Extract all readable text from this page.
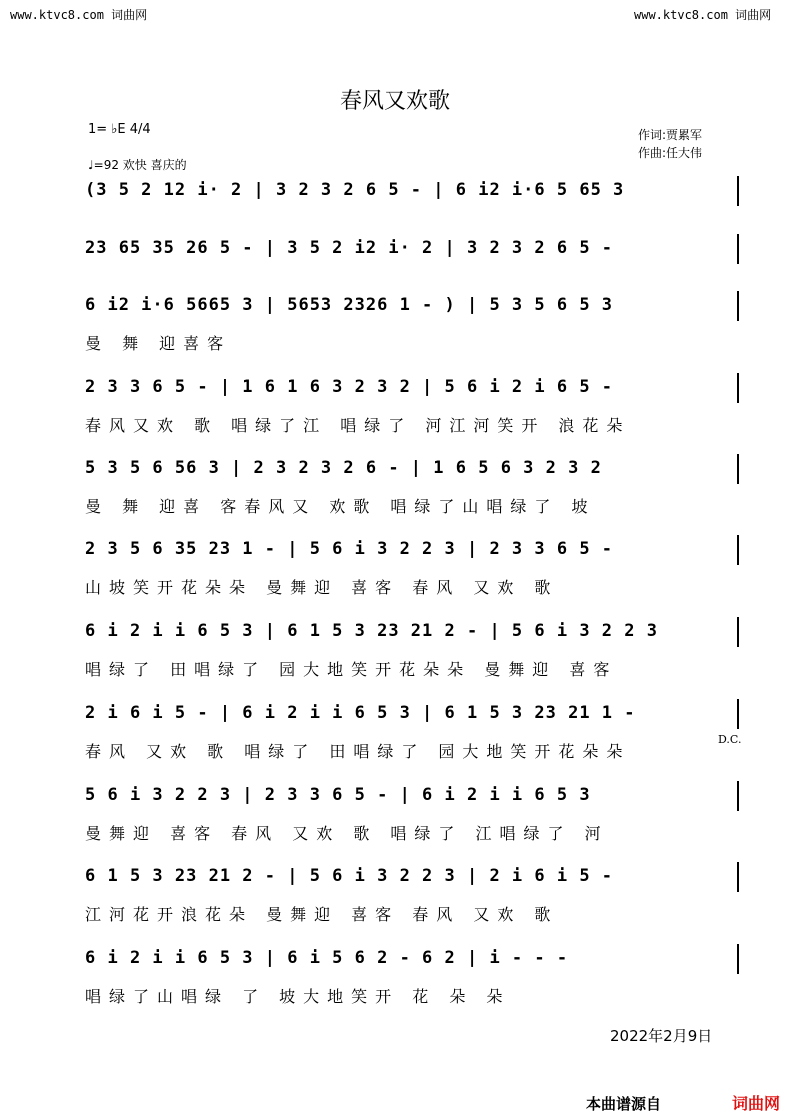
www.ktvc8.com 词曲网	www.ktvc8.com 词曲网
春风又欢歌
1= ♭E 4/4
♩=92 欢快 喜庆的
作词:贾累军
作曲:任大伟
(3 5 2 12 i· 2 | 3 2 3 2 6 5 - | 6 i2 i·6 5 65 3
23 65 35 26 5 - | 3 5 2 i2 i· 2 | 3 2 3 2 6 5 -
6 i2 i·6 5665 3 | 5653 2326 1 - ) | 5 3 5 6 5 3
曼 舞 迎喜客
2 3 3 6 5 - | 1 6 1 6 3 2 3 2 | 5 6 i 2 i 6 5 -
春风又欢 歌 唱绿了江 唱绿了 河江河笑开 浪花朵
5 3 5 6 56 3 | 2 3 2 3 2 6 - | 1 6 5 6 3 2 3 2
曼 舞 迎喜 客春风又 欢歌 唱绿了山唱绿了 坡
2 3 5 6 35 23 1 - | 5 6 i 3 2 2 3 | 2 3 3 6 5 -
山坡笑开花朵朵 曼舞迎 喜客 春风 又欢 歌
6 i 2 i i 6 5 3 | 6 1 5 3 23 21 2 - | 5 6 i 3 2 2 3
唱绿了 田唱绿了 园大地笑开花朵朵 曼舞迎 喜客
2 i 6 i 5 - | 6 i 2 i i 6 5 3 | 6 1 5 3 23 21 1 -
春风 又欢 歌 唱绿了 田唱绿了 园大地笑开花朵朵
5 6 i 3 2 2 3 | 2 3 3 6 5 - | 6 i 2 i i 6 5 3
曼舞迎 喜客 春风 又欢 歌 唱绿了 江唱绿了 河
6 1 5 3 23 21 2 - | 5 6 i 3 2 2 3 | 2 i 6 i 5 -
江河花开浪花朵 曼舞迎 喜客 春风 又欢 歌
6 i 2 i i 6 5 3 | 6 i 5 6 2 - 6 2 | i - - -
唱绿了山唱绿 了 坡大地笑开 花 朵 朵
D.C.
2022年2月9日
本曲谱源自	词曲网
